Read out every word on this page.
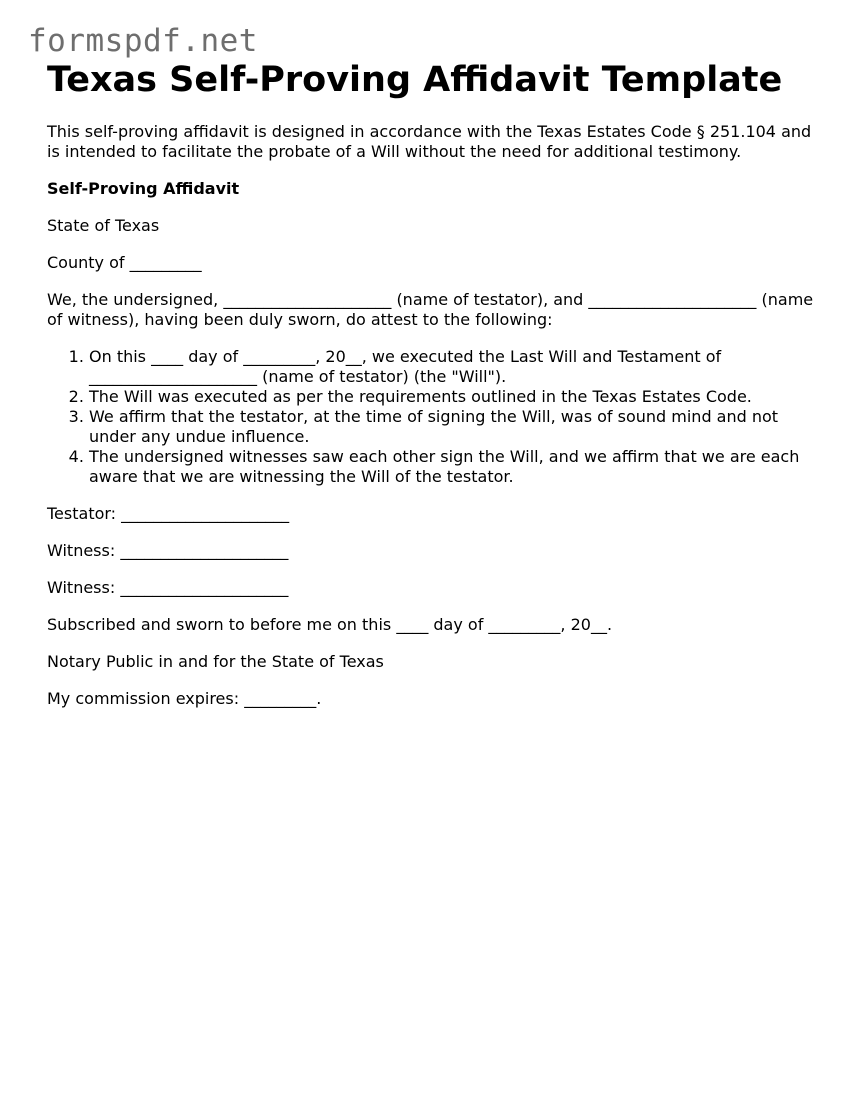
formspdf.net
Texas Self-Proving Affidavit Template

This self-proving affidavit is designed in accordance with the Texas Estates Code § 251.104 and is intended to facilitate the probate of a Will without the need for additional testimony.

Self-Proving Affidavit

State of Texas

County of _________

We, the undersigned, _____________________ (name of testator), and _____________________ (name of witness), having been duly sworn, do attest to the following:

1. On this ____ day of _________, 20__, we executed the Last Will and Testament of _____________________ (name of testator) (the "Will").
2. The Will was executed as per the requirements outlined in the Texas Estates Code.
3. We affirm that the testator, at the time of signing the Will, was of sound mind and not under any undue influence.
4. The undersigned witnesses saw each other sign the Will, and we affirm that we are each aware that we are witnessing the Will of the testator.

Testator: _____________________

Witness: _____________________

Witness: _____________________

Subscribed and sworn to before me on this ____ day of _________, 20__.

Notary Public in and for the State of Texas

My commission expires: _________.
